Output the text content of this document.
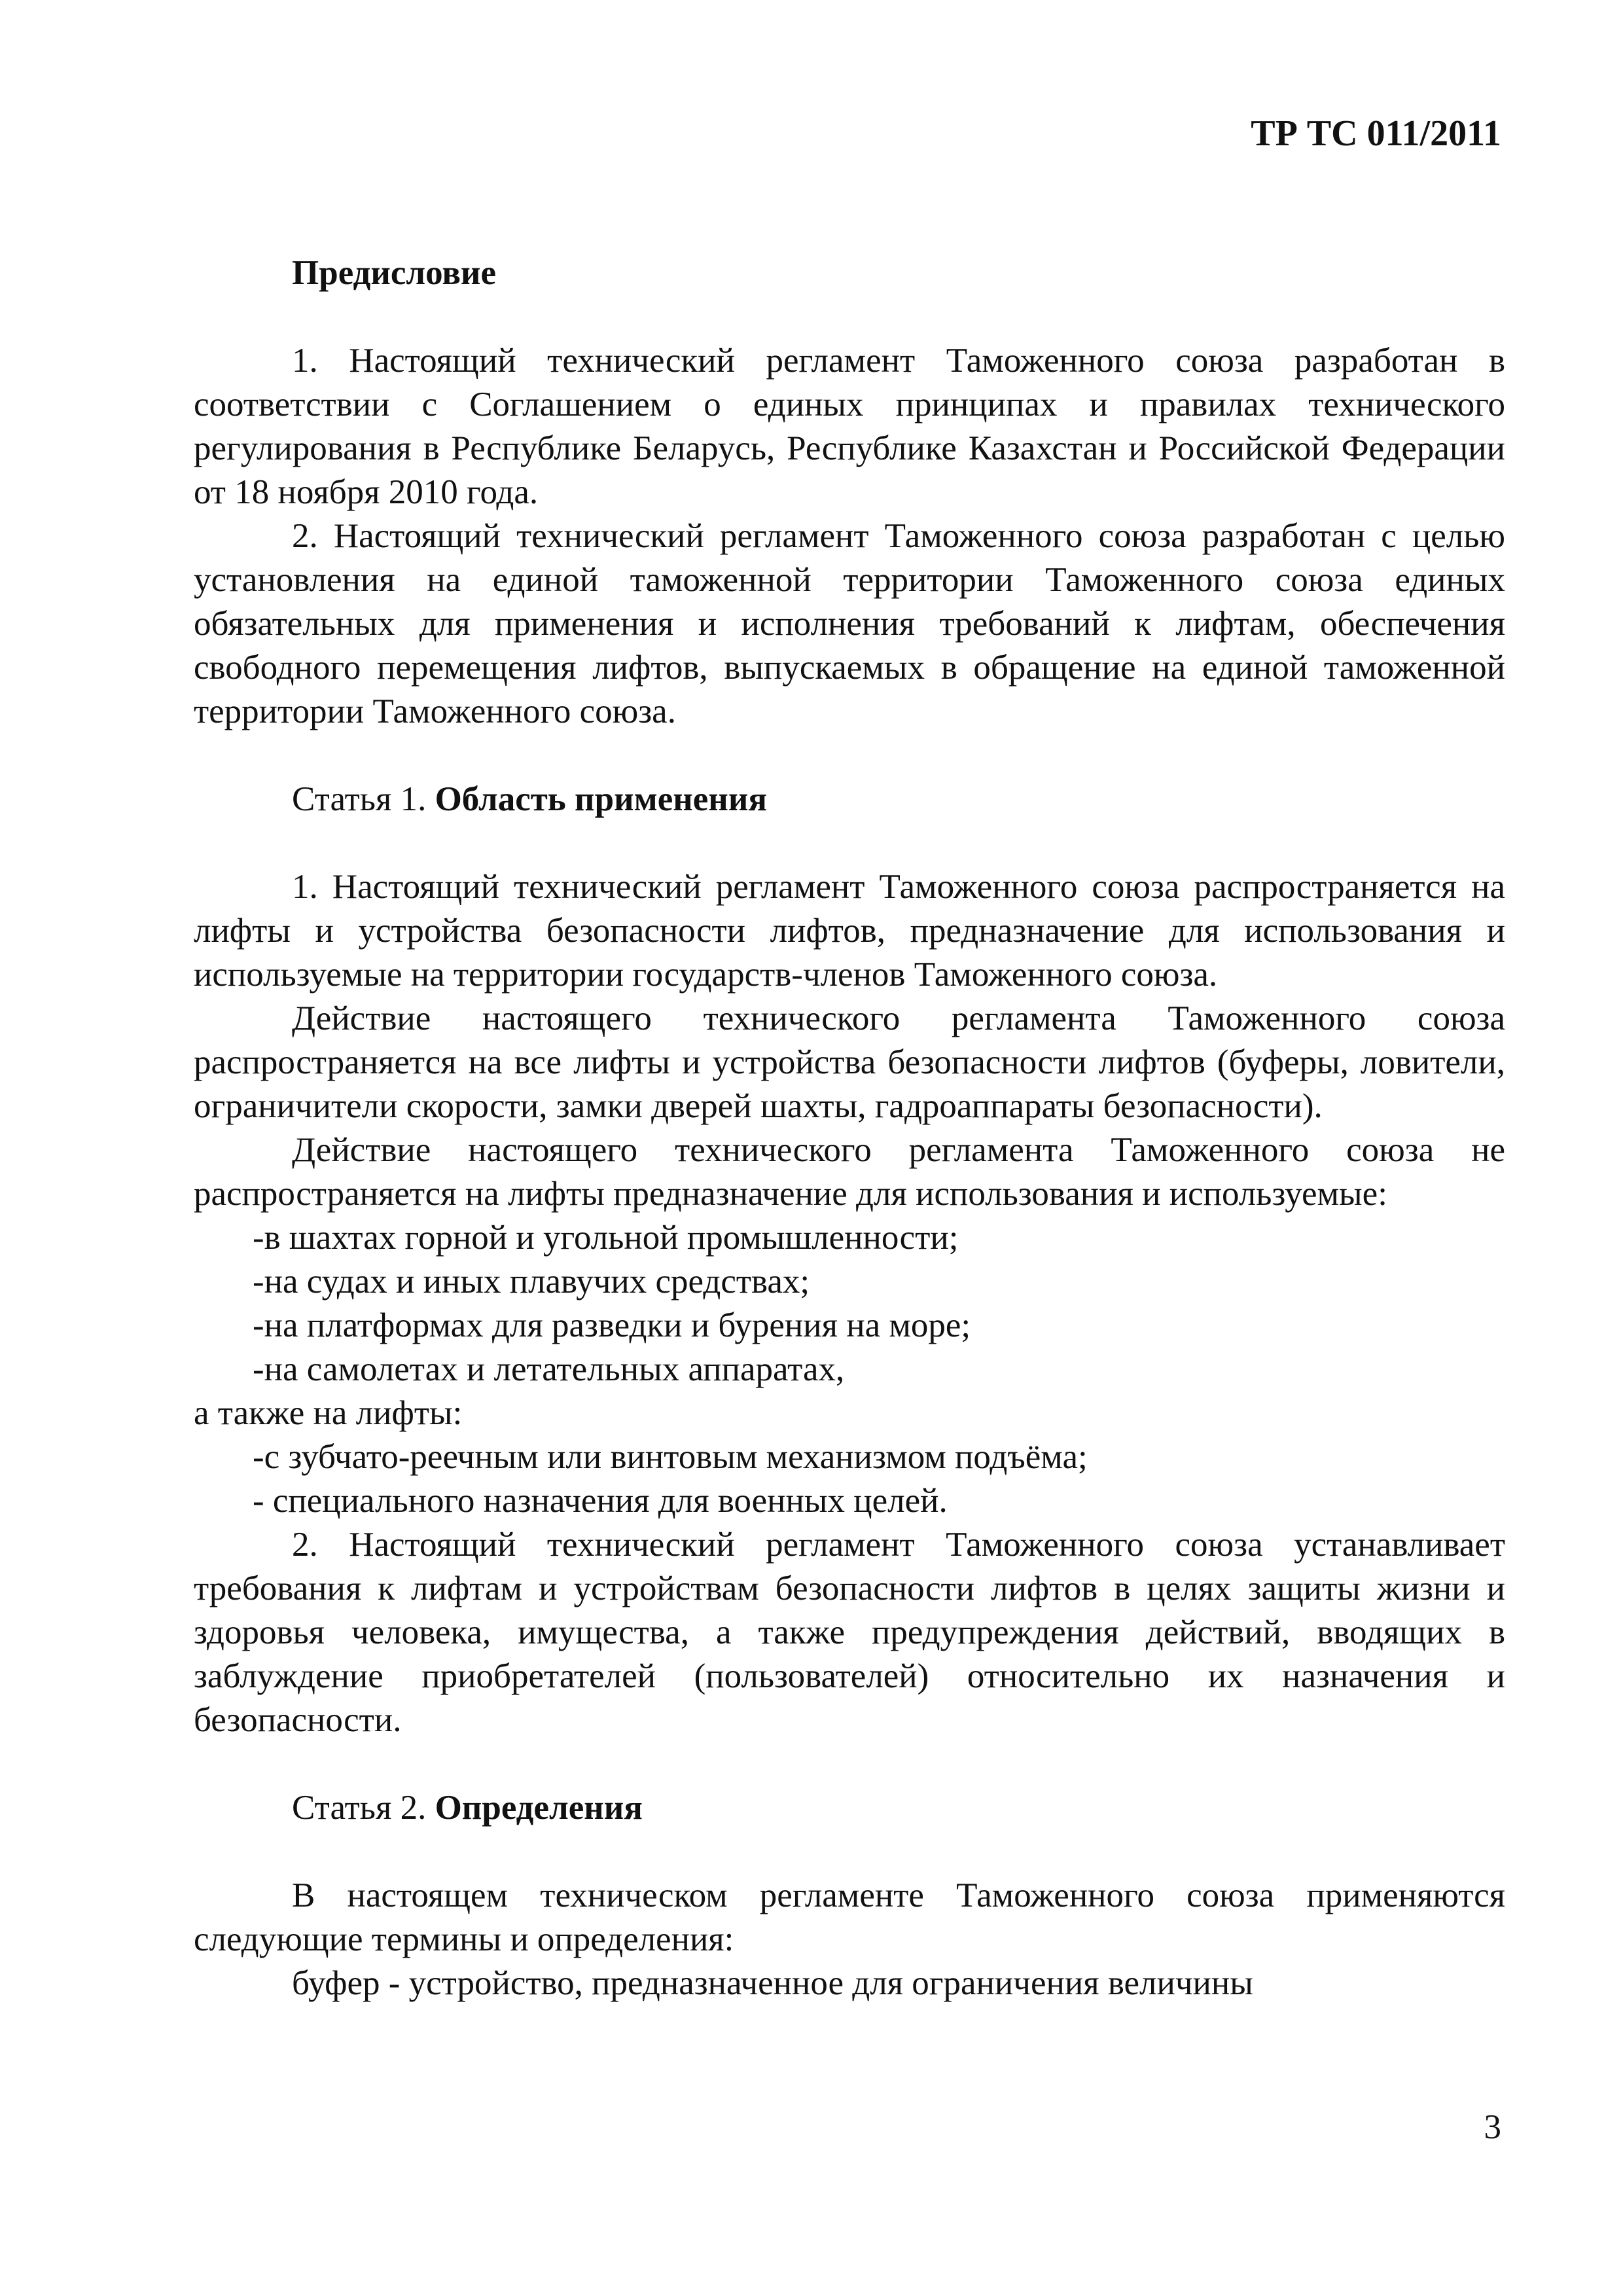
ТР ТС 011/2011

Предисловие

1. Настоящий технический регламент Таможенного союза разработан в соответствии с Соглашением о единых принципах и правилах технического регулирования в Республике Беларусь, Республике Казахстан и Российской Федерации от 18 ноября 2010 года.

2. Настоящий технический регламент Таможенного союза разработан с целью установления на единой таможенной территории Таможенного союза единых обязательных для применения и исполнения требований к лифтам, обеспечения свободного перемещения лифтов, выпускаемых в обращение на единой таможенной территории Таможенного союза.

Статья 1. Область применения

1. Настоящий технический регламент Таможенного союза распространяется на лифты и устройства безопасности лифтов, предназначение для использования и используемые на территории государств-членов Таможенного союза.

Действие настоящего технического регламента Таможенного союза распространяется на все лифты и устройства безопасности лифтов (буферы, ловители, ограничители скорости, замки дверей шахты, гадроаппараты безопасности).

Действие настоящего технического регламента Таможенного союза не распространяется на лифты предназначение для использования и используемые:

-в шахтах горной и угольной промышленности;

-на судах и иных плавучих средствах;

-на платформах для разведки и бурения на море;

-на самолетах и летательных аппаратах,

а также на лифты:

-с зубчато-реечным или винтовым механизмом подъёма;

- специального назначения для военных целей.

2. Настоящий технический регламент Таможенного союза устанавливает требования к лифтам и устройствам безопасности лифтов в целях защиты жизни и здоровья человека, имущества, а также предупреждения действий, вводящих в заблуждение приобретателей (пользователей) относительно их назначения и безопасности.

Статья 2. Определения

В настоящем техническом регламенте Таможенного союза применяются следующие термины и определения:

буфер - устройство, предназначенное для ограничения величины

3
